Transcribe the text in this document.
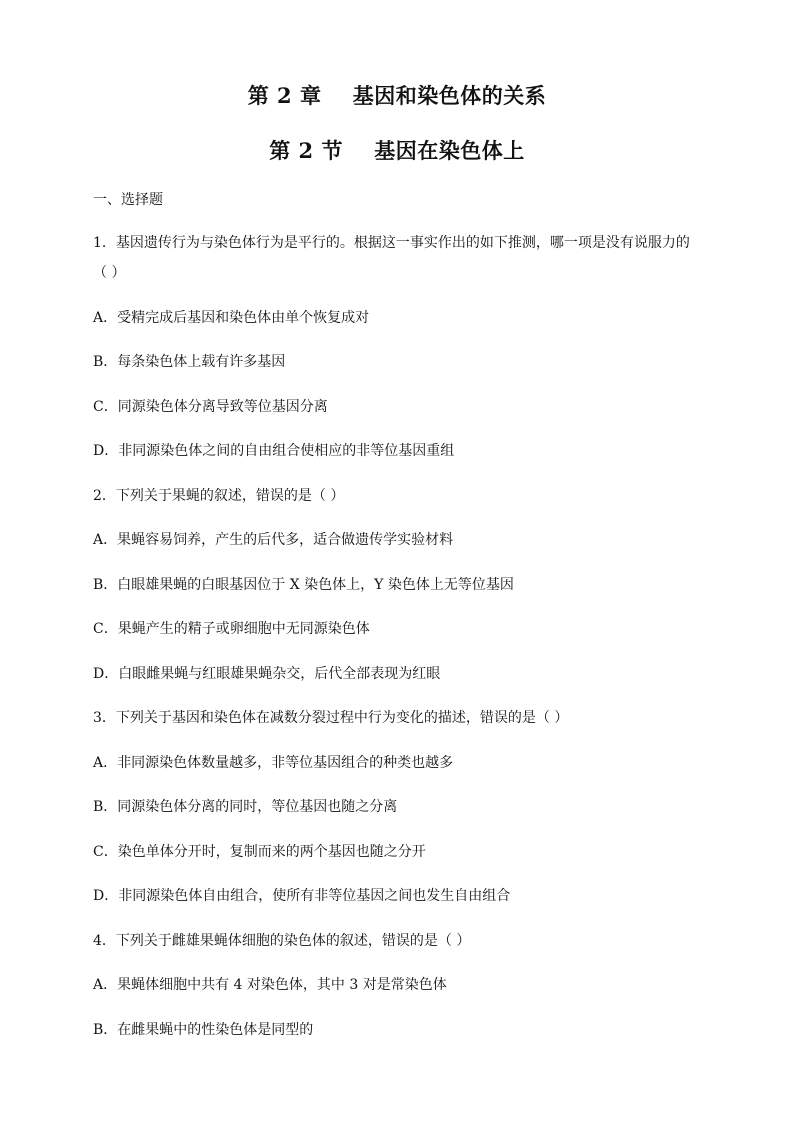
第 2 章    基因和染色体的关系
第 2 节    基因在染色体上
一、选择题
1．基因遗传行为与染色体行为是平行的。根据这一事实作出的如下推测，哪一项是没有说服力的
（ ）
A．受精完成后基因和染色体由单个恢复成对
B．每条染色体上载有许多基因
C．同源染色体分离导致等位基因分离
D．非同源染色体之间的自由组合使相应的非等位基因重组
2．下列关于果蝇的叙述，错误的是（ ）
A．果蝇容易饲养，产生的后代多，适合做遗传学实验材料
B．白眼雄果蝇的白眼基因位于 X 染色体上，Y 染色体上无等位基因
C．果蝇产生的精子或卵细胞中无同源染色体
D．白眼雌果蝇与红眼雄果蝇杂交，后代全部表现为红眼
3．下列关于基因和染色体在减数分裂过程中行为变化的描述，错误的是（ ）
A．非同源染色体数量越多，非等位基因组合的种类也越多
B．同源染色体分离的同时，等位基因也随之分离
C．染色单体分开时，复制而来的两个基因也随之分开
D．非同源染色体自由组合，使所有非等位基因之间也发生自由组合
4．下列关于雌雄果蝇体细胞的染色体的叙述，错误的是（ ）
A．果蝇体细胞中共有 4 对染色体，其中 3 对是常染色体
B．在雌果蝇中的性染色体是同型的
